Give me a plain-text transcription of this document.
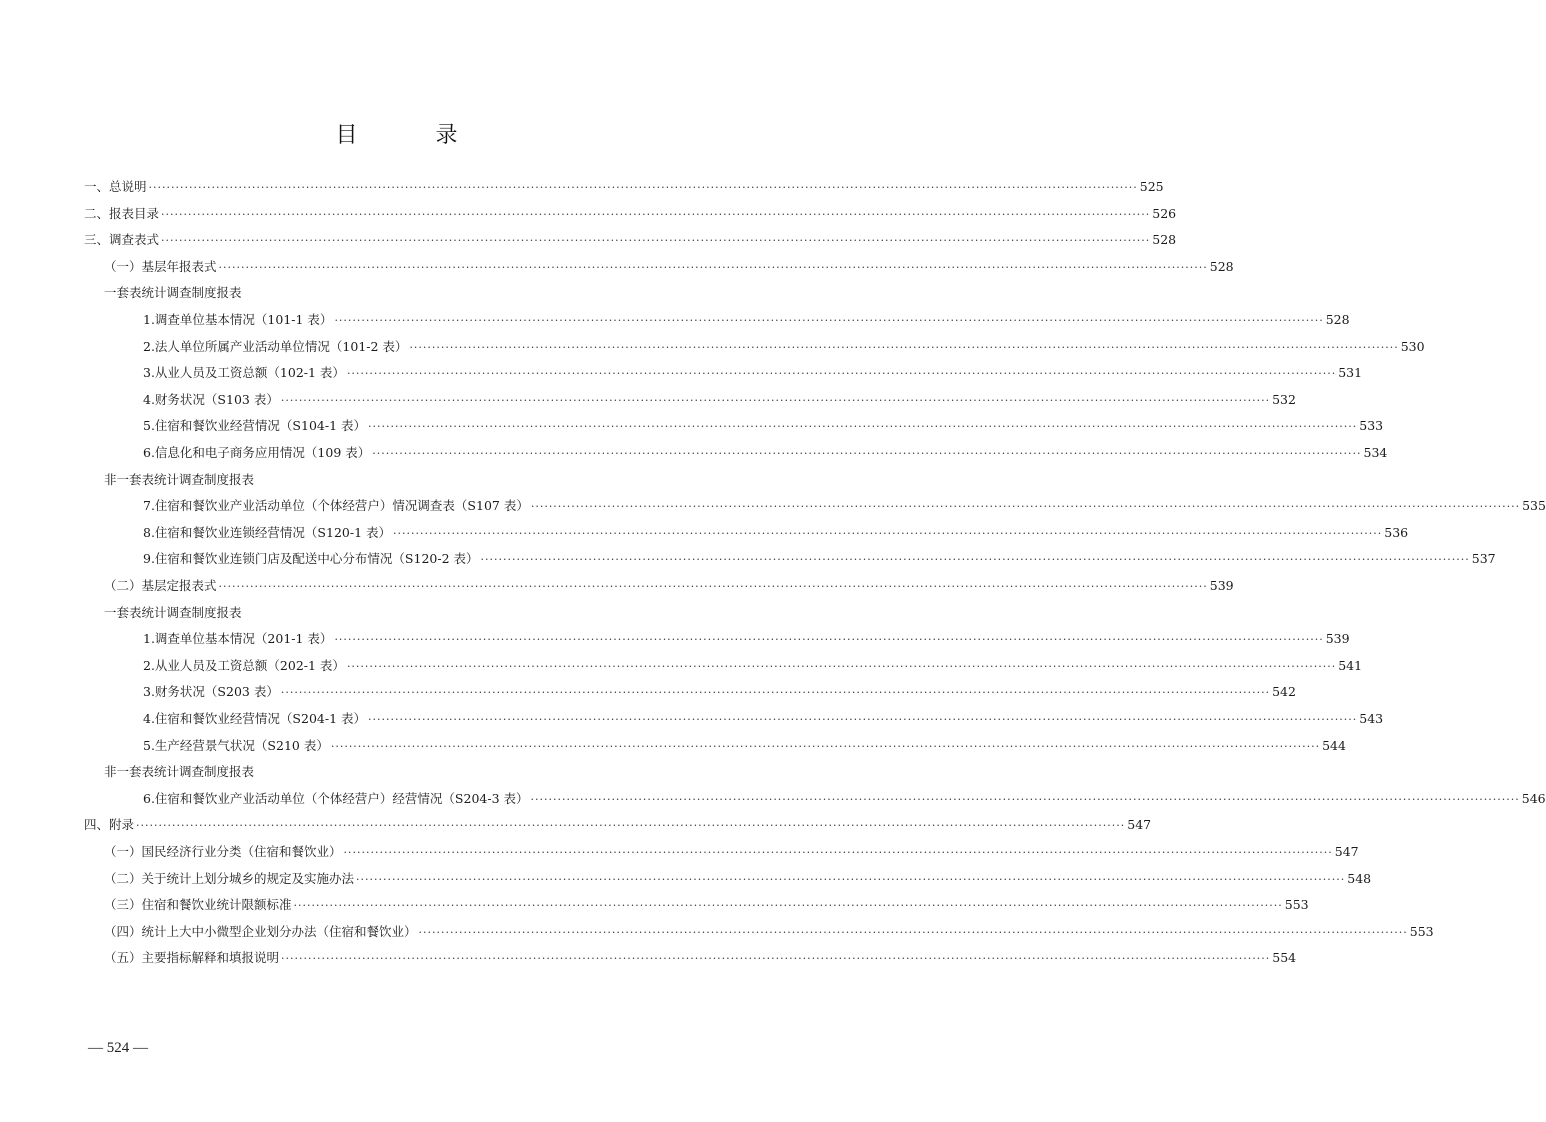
目　录
一、总说明 ···························································································································································································································· 525
二、报表目录 ···························································································································································································································· 526
三、调查表式 ···························································································································································································································· 528
（一）基层年报表式 ···························································································································································································································· 528
一套表统计调查制度报表
1.调查单位基本情况（101-1 表） ···························································································································································································································· 528
2.法人单位所属产业活动单位情况（101-2 表） ···························································································································································································································· 530
3.从业人员及工资总额（102-1 表） ···························································································································································································································· 531
4.财务状况（S103 表） ···························································································································································································································· 532
5.住宿和餐饮业经营情况（S104-1 表） ···························································································································································································································· 533
6.信息化和电子商务应用情况（109 表） ···························································································································································································································· 534
非一套表统计调查制度报表
7.住宿和餐饮业产业活动单位（个体经营户）情况调查表（S107 表） ···························································································································································································································· 535
8.住宿和餐饮业连锁经营情况（S120-1 表） ···························································································································································································································· 536
9.住宿和餐饮业连锁门店及配送中心分布情况（S120-2 表） ···························································································································································································································· 537
（二）基层定报表式 ···························································································································································································································· 539
一套表统计调查制度报表
1.调查单位基本情况（201-1 表） ···························································································································································································································· 539
2.从业人员及工资总额（202-1 表） ···························································································································································································································· 541
3.财务状况（S203 表） ···························································································································································································································· 542
4.住宿和餐饮业经营情况（S204-1 表） ···························································································································································································································· 543
5.生产经营景气状况（S210 表） ···························································································································································································································· 544
非一套表统计调查制度报表
6.住宿和餐饮业产业活动单位（个体经营户）经营情况（S204-3 表） ···························································································································································································································· 546
四、附录 ···························································································································································································································· 547
（一）国民经济行业分类（住宿和餐饮业） ···························································································································································································································· 547
（二）关于统计上划分城乡的规定及实施办法 ···························································································································································································································· 548
（三）住宿和餐饮业统计限额标准 ···························································································································································································································· 553
（四）统计上大中小微型企业划分办法（住宿和餐饮业） ···························································································································································································································· 553
（五）主要指标解释和填报说明 ···························································································································································································································· 554
— 524 —
